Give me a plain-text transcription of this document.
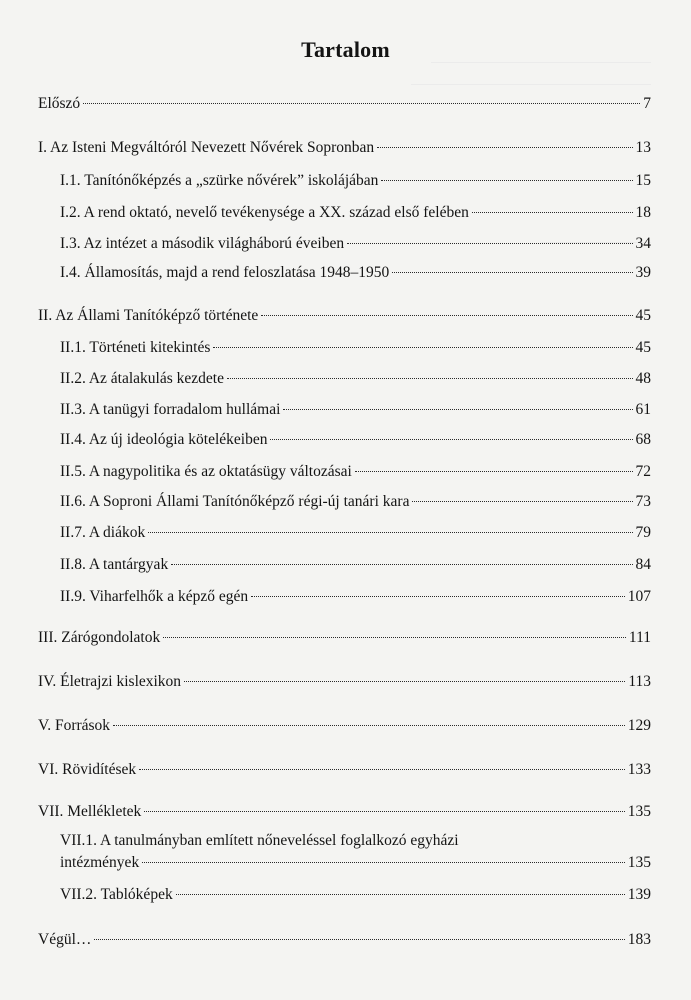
Tartalom
Előszó	7
I. Az Isteni Megváltóról Nevezett Nővérek Sopronban	13
I.1. Tanítónőképzés a „szürke nővérek” iskolájában	15
I.2. A rend oktató, nevelő tevékenysége a XX. század első felében	18
I.3. Az intézet a második világháború éveiben	34
I.4. Államosítás, majd a rend feloszlatása 1948–1950	39
II. Az Állami Tanítóképző története	45
II.1. Történeti kitekintés	45
II.2. Az átalakulás kezdete	48
II.3. A tanügyi forradalom hullámai	61
II.4. Az új ideológia kötelékeiben	68
II.5. A nagypolitika és az oktatásügy változásai	72
II.6. A Soproni Állami Tanítónőképző régi-új tanári kara	73
II.7. A diákok	79
II.8. A tantárgyak	84
II.9. Viharfelhők a képző egén	107
III. Zárógondolatok	111
IV. Életrajzi kislexikon	113
V. Források	129
VI. Rövidítések	133
VII. Mellékletek	135
VII.1. A tanulmányban említett nőneveléssel foglalkozó egyházi
intézmények	135
VII.2. Tablóképek	139
Végül…	183
